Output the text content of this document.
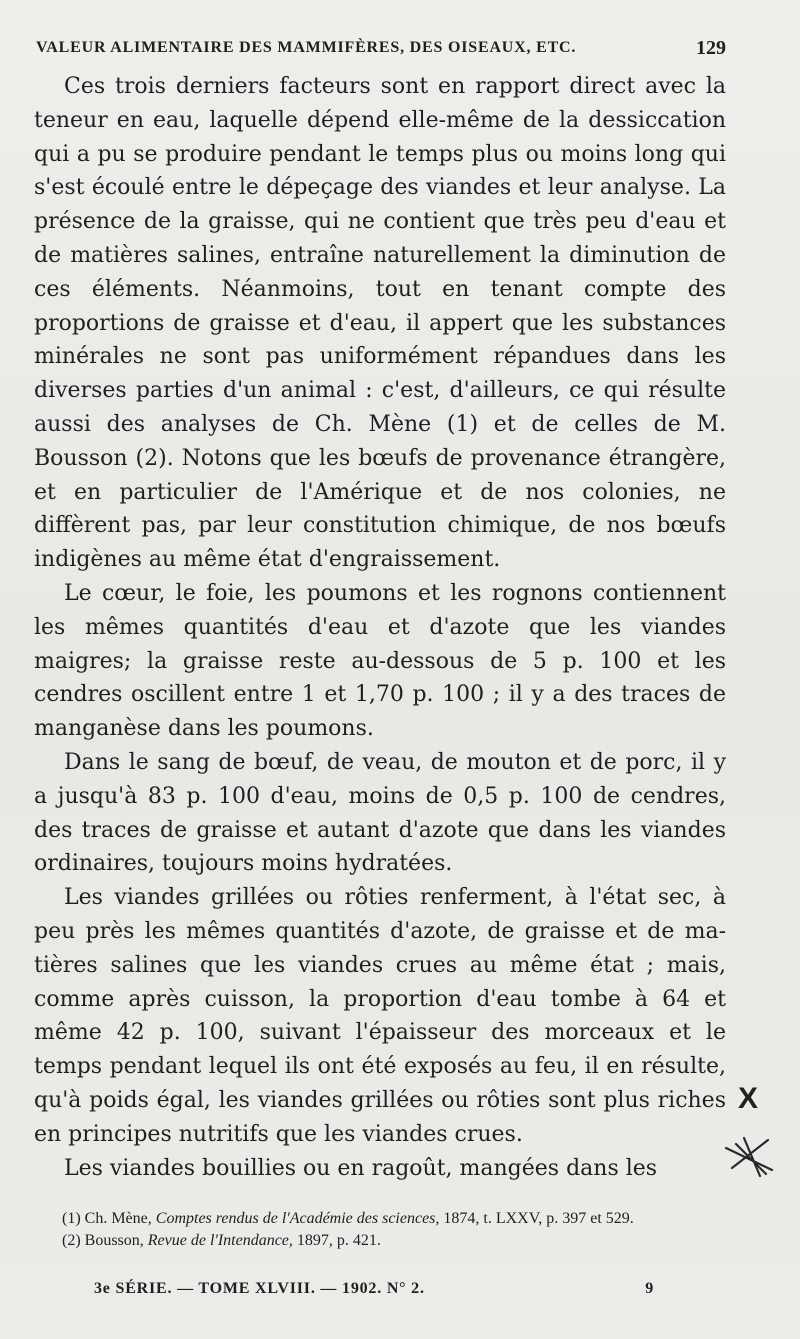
VALEUR ALIMENTAIRE DES MAMMIFÈRES, DES OISEAUX, ETC.	129

Ces trois derniers facteurs sont en rapport direct avec la teneur en eau, laquelle dépend elle-même de la dessiccation qui a pu se produire pendant le temps plus ou moins long qui s'est écoulé entre le dépeçage des viandes et leur analyse. La présence de la graisse, qui ne contient que très peu d'eau et de matières salines, entraîne naturellement la diminution de ces éléments. Néanmoins, tout en tenant compte des proportions de graisse et d'eau, il appert que les substances minérales ne sont pas uniformément répandues dans les diverses parties d'un animal : c'est, d'ailleurs, ce qui résulte aussi des analyses de Ch. Mène (1) et de celles de M. Bousson (2). Notons que les bœufs de provenance étrangère, et en particulier de l'Amérique et de nos colonies, ne diffèrent pas, par leur constitution chimique, de nos bœufs indigènes au même état d'engraissement.

Le cœur, le foie, les poumons et les rognons contiennent les mêmes quantités d'eau et d'azote que les viandes maigres; la graisse reste au-dessous de 5 p. 100 et les cendres oscillent entre 1 et 1,70 p. 100 ; il y a des traces de manganèse dans les poumons.

Dans le sang de bœuf, de veau, de mouton et de porc, il y a jusqu'à 83 p. 100 d'eau, moins de 0,5 p. 100 de cendres, des traces de graisse et autant d'azote que dans les viandes ordinaires, toujours moins hydratées.

Les viandes grillées ou rôties renferment, à l'état sec, à peu près les mêmes quantités d'azote, de graisse et de matières salines que les viandes crues au même état ; mais, comme après cuisson, la proportion d'eau tombe à 64 et même 42 p. 100, suivant l'épaisseur des morceaux et le temps pendant lequel ils ont été exposés au feu, il en résulte, qu'à poids égal, les viandes grillées ou rôties sont plus riches en principes nutritifs que les viandes crues.

Les viandes bouillies ou en ragoût, mangées dans les

(1) Ch. Mène, Comptes rendus de l'Académie des sciences, 1874, t. LXXV, p. 397 et 529.

(2) Bousson, Revue de l'Intendance, 1897, p. 421.

3e SÉRIE. — TOME XLVIII. — 1902. N° 2.	9
X
